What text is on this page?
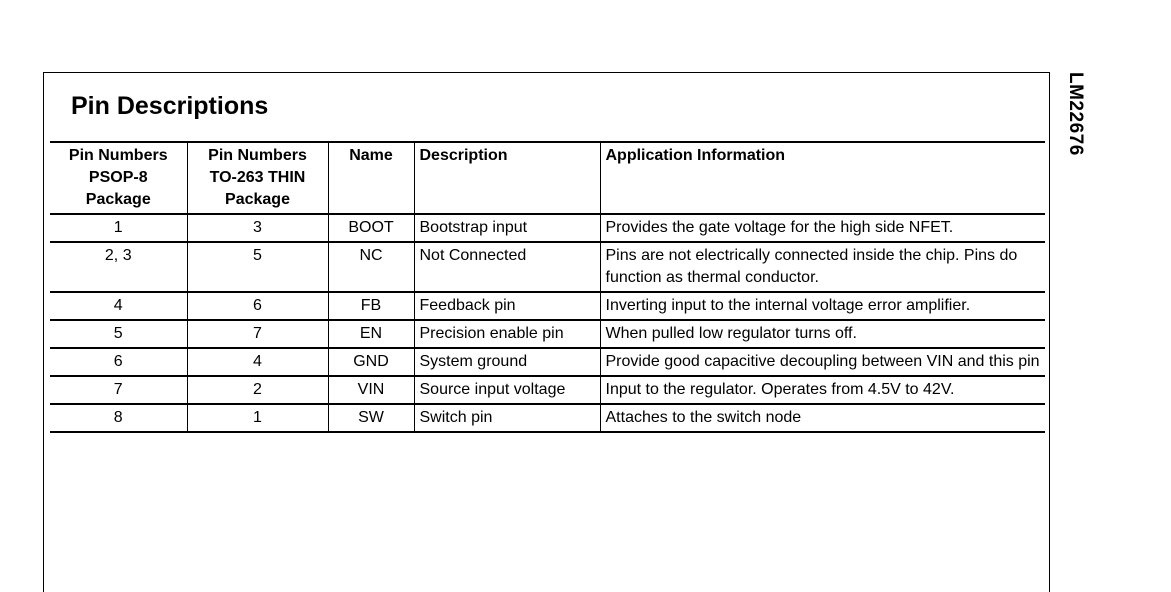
LM22676
Pin Descriptions
Pin Numbers
PSOP-8
Package	Pin Numbers
TO-263 THIN
Package	Name	Description	Application Information
1	3	BOOT	Bootstrap input	Provides the gate voltage for the high side NFET.
2, 3	5	NC	Not Connected	Pins are not electrically connected inside the chip. Pins do function as thermal conductor.
4	6	FB	Feedback pin	Inverting input to the internal voltage error amplifier.
5	7	EN	Precision enable pin	When pulled low regulator turns off.
6	4	GND	System ground	Provide good capacitive decoupling between VIN and this pin
7	2	VIN	Source input voltage	Input to the regulator. Operates from 4.5V to 42V.
8	1	SW	Switch pin	Attaches to the switch node
